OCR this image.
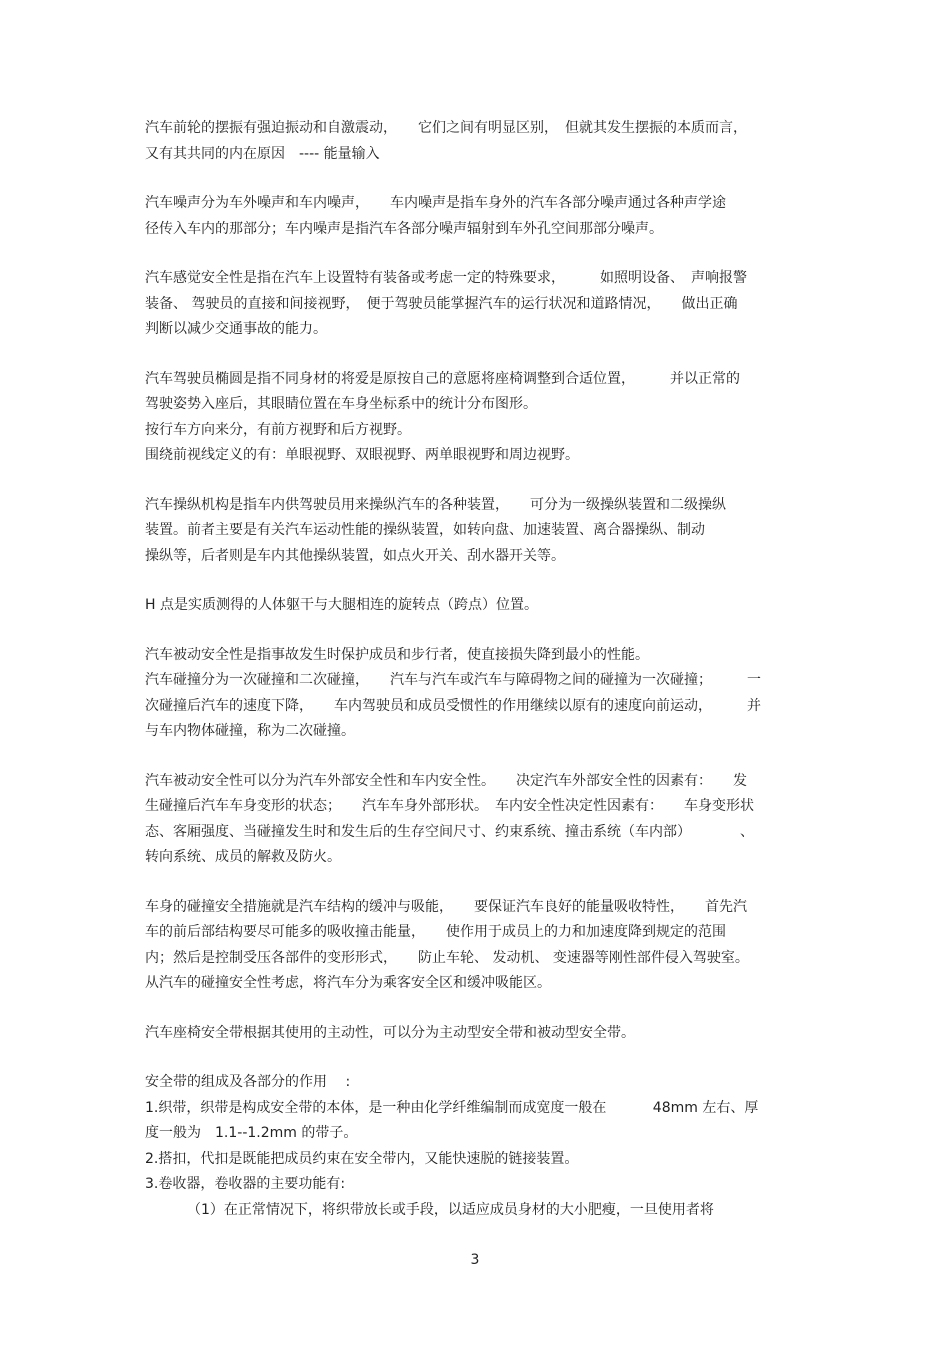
汽车前轮的摆振有强迫振动和自激震动，　　它们之间有明显区别，　但就其发生摆振的本质而言，

又有其共同的内在原因　---- 能量输入

汽车噪声分为车外噪声和车内噪声，　　车内噪声是指车身外的汽车各部分噪声通过各种声学途

径传入车内的那部分；车内噪声是指汽车各部分噪声辐射到车外孔空间那部分噪声。

汽车感觉安全性是指在汽车上设置特有装备或考虑一定的特殊要求，　　　如照明设备、　声响报警

装备、 驾驶员的直接和间接视野，　便于驾驶员能掌握汽车的运行状况和道路情况，　　做出正确

判断以减少交通事故的能力。

汽车驾驶员椭圆是指不同身材的将爱是原按自己的意愿将座椅调整到合适位置，　　　并以正常的

驾驶姿势入座后，其眼睛位置在车身坐标系中的统计分布图形。

按行车方向来分，有前方视野和后方视野。

围绕前视线定义的有：单眼视野、双眼视野、两单眼视野和周边视野。

汽车操纵机构是指车内供驾驶员用来操纵汽车的各种装置，　　可分为一级操纵装置和二级操纵

装置。前者主要是有关汽车运动性能的操纵装置，如转向盘、加速装置、离合器操纵、制动

操纵等，后者则是车内其他操纵装置，如点火开关、刮水器开关等。

H 点是实质测得的人体躯干与大腿相连的旋转点（跨点）位置。

汽车被动安全性是指事故发生时保护成员和步行者，使直接损失降到最小的性能。

汽车碰撞分为一次碰撞和二次碰撞，　　汽车与汽车或汽车与障碍物之间的碰撞为一次碰撞；　　　一

次碰撞后汽车的速度下降，　　车内驾驶员和成员受惯性的作用继续以原有的速度向前运动，　　　并

与车内物体碰撞，称为二次碰撞。

汽车被动安全性可以分为汽车外部安全性和车内安全性。　　决定汽车外部安全性的因素有：　　发

生碰撞后汽车车身变形的状态；　　汽车车身外部形状。　车内安全性决定性因素有：　　车身变形状

态、客厢强度、当碰撞发生时和发生后的生存空间尺寸、约束系统、撞击系统（车内部）　　　　、

转向系统、成员的解救及防火。

车身的碰撞安全措施就是汽车结构的缓冲与吸能，　　要保证汽车良好的能量吸收特性，　　首先汽

车的前后部结构要尽可能多的吸收撞击能量，　　使作用于成员上的力和加速度降到规定的范围

内；然后是控制受压各部件的变形形式，　　防止车轮、 发动机、 变速器等刚性部件侵入驾驶室。

从汽车的碰撞安全性考虑，将汽车分为乘客安全区和缓冲吸能区。

汽车座椅安全带根据其使用的主动性，可以分为主动型安全带和被动型安全带。

安全带的组成及各部分的作用　 :

1.织带，织带是构成安全带的本体，是一种由化学纤维编制而成宽度一般在　　　 48mm 左右、厚

度一般为　1.1--1.2mm 的带子。

2.搭扣，代扣是既能把成员约束在安全带内，又能快速脱的链接装置。

3.卷收器，卷收器的主要功能有:

（1）在正常情况下，将织带放长或手段，以适应成员身材的大小肥瘦，一旦使用者将

3
